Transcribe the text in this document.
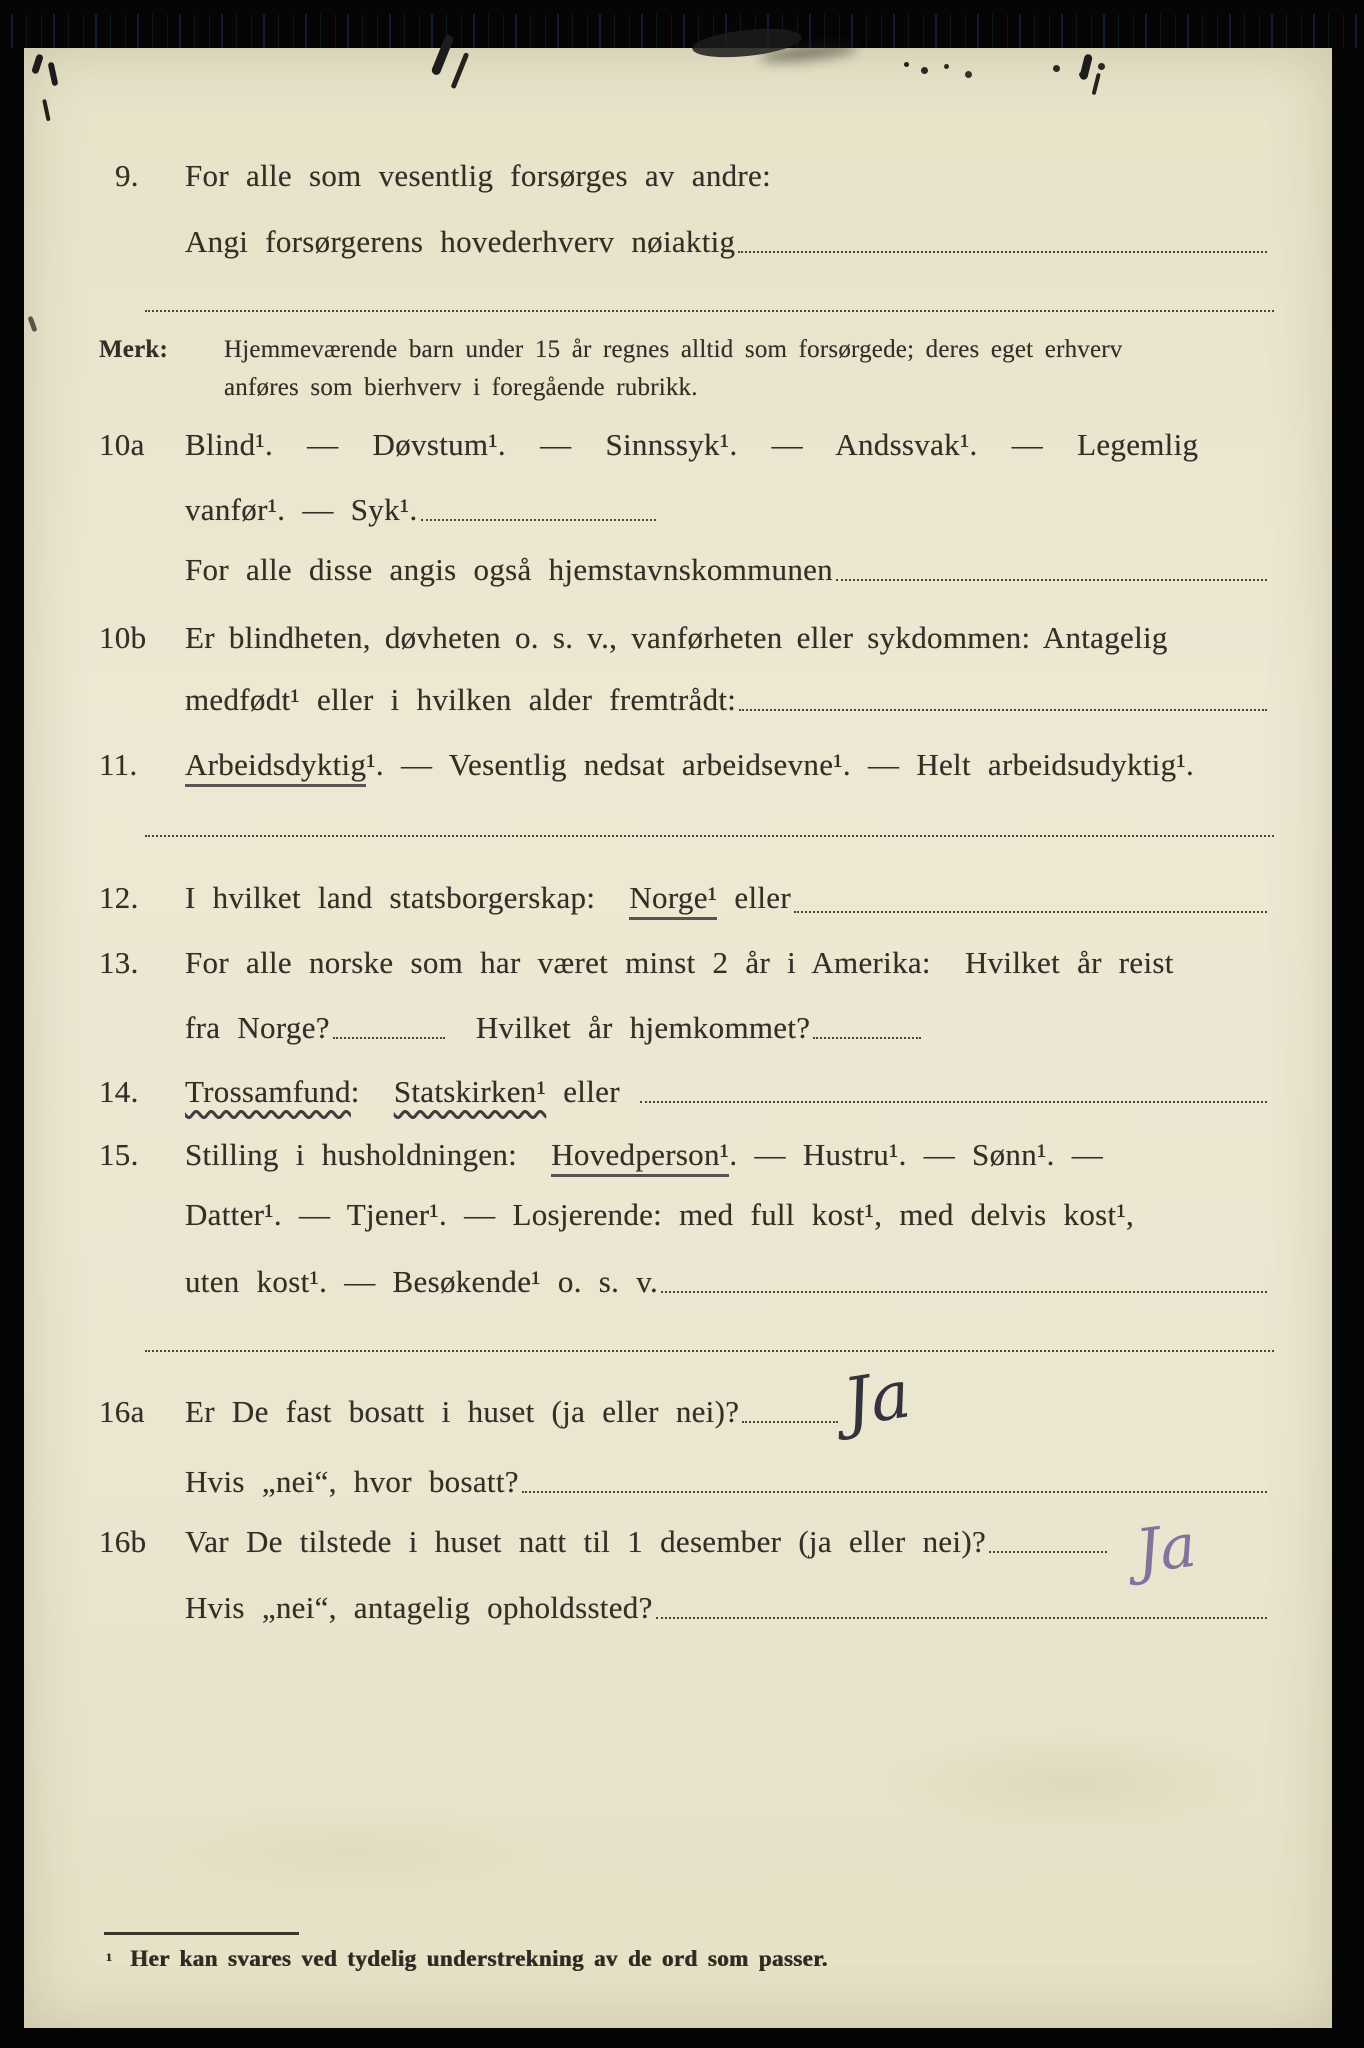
9.	For alle som vesentlig forsørges av andre:
Angi forsørgerens hovederhverv nøiaktig
Merk:	Hjemmeværende barn under 15 år regnes alltid som forsørgede; deres eget erhverv
anføres som bierhverv i foregående rubrikk.
10a	Blind¹.  —  Døvstum¹.  —  Sinnssyk¹.  —  Andssvak¹.  —  Legemlig
vanfør¹. — Syk¹.
For alle disse angis også hjemstavnskommunen
10b	Er blindheten, døvheten o. s. v., vanførheten eller sykdommen: Antagelig
medfødt¹ eller i hvilken alder fremtrådt:
11.	Arbeidsdyktig ¹. — Vesentlig nedsat arbeidsevne¹. — Helt arbeidsudyktig¹.
12.	I hvilket land statsborgerskap: Norge¹ eller
13.	For alle norske som har været minst 2 år i Amerika:  Hvilket år reist
fra Norge?	Hvilket år hjemkommet?
14.	Trossamfund : Statskirken¹ eller
15.	Stilling i husholdningen: Hovedperson¹ . — Hustru¹. — Sønn¹. —
Datter¹. — Tjener¹. — Losjerende: med full kost¹, med delvis kost¹,
uten kost¹. — Besøkende¹ o. s. v.
16a	Er De fast bosatt i huset (ja eller nei)? Ja
Hvis „nei“, hvor bosatt?
16b	Var De tilstede i huset natt til 1 desember (ja eller nei)? Ja
Hvis „nei“, antagelig opholdssted?
¹ Her kan svares ved tydelig understrekning av de ord som passer.
